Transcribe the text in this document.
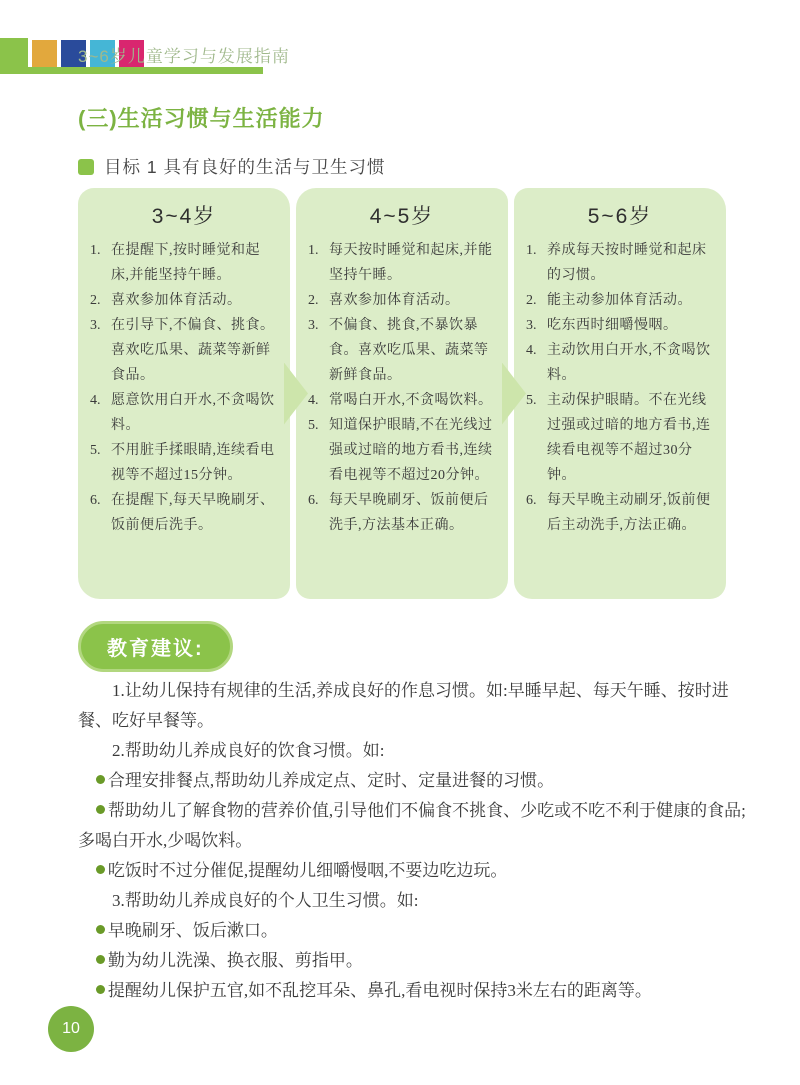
3~6岁儿童学习与发展指南
(三)生活习惯与生活能力
目标 1 具有良好的生活与卫生习惯
3~4岁
1. 在提醒下,按时睡觉和起床,并能坚持午睡。
2. 喜欢参加体育活动。
3. 在引导下,不偏食、挑食。喜欢吃瓜果、蔬菜等新鲜食品。
4. 愿意饮用白开水,不贪喝饮料。
5. 不用脏手揉眼睛,连续看电视等不超过15分钟。
6. 在提醒下,每天早晚刷牙、饭前便后洗手。
4~5岁
1. 每天按时睡觉和起床,并能坚持午睡。
2. 喜欢参加体育活动。
3. 不偏食、挑食,不暴饮暴食。喜欢吃瓜果、蔬菜等新鲜食品。
4. 常喝白开水,不贪喝饮料。
5. 知道保护眼睛,不在光线过强或过暗的地方看书,连续看电视等不超过20分钟。
6. 每天早晚刷牙、饭前便后洗手,方法基本正确。
5~6岁
1. 养成每天按时睡觉和起床的习惯。
2. 能主动参加体育活动。
3. 吃东西时细嚼慢咽。
4. 主动饮用白开水,不贪喝饮料。
5. 主动保护眼睛。不在光线过强或过暗的地方看书,连续看电视等不超过30分钟。
6. 每天早晚主动刷牙,饭前便后主动洗手,方法正确。
教育建议:

1.让幼儿保持有规律的生活,养成良好的作息习惯。如:早睡早起、每天午睡、按时进餐、吃好早餐等。

2.帮助幼儿养成良好的饮食习惯。如:

合理安排餐点,帮助幼儿养成定点、定时、定量进餐的习惯。

帮助幼儿了解食物的营养价值,引导他们不偏食不挑食、少吃或不吃不利于健康的食品;多喝白开水,少喝饮料。

吃饭时不过分催促,提醒幼儿细嚼慢咽,不要边吃边玩。

3.帮助幼儿养成良好的个人卫生习惯。如:

早晚刷牙、饭后漱口。

勤为幼儿洗澡、换衣服、剪指甲。

提醒幼儿保护五官,如不乱挖耳朵、鼻孔,看电视时保持3米左右的距离等。

10
